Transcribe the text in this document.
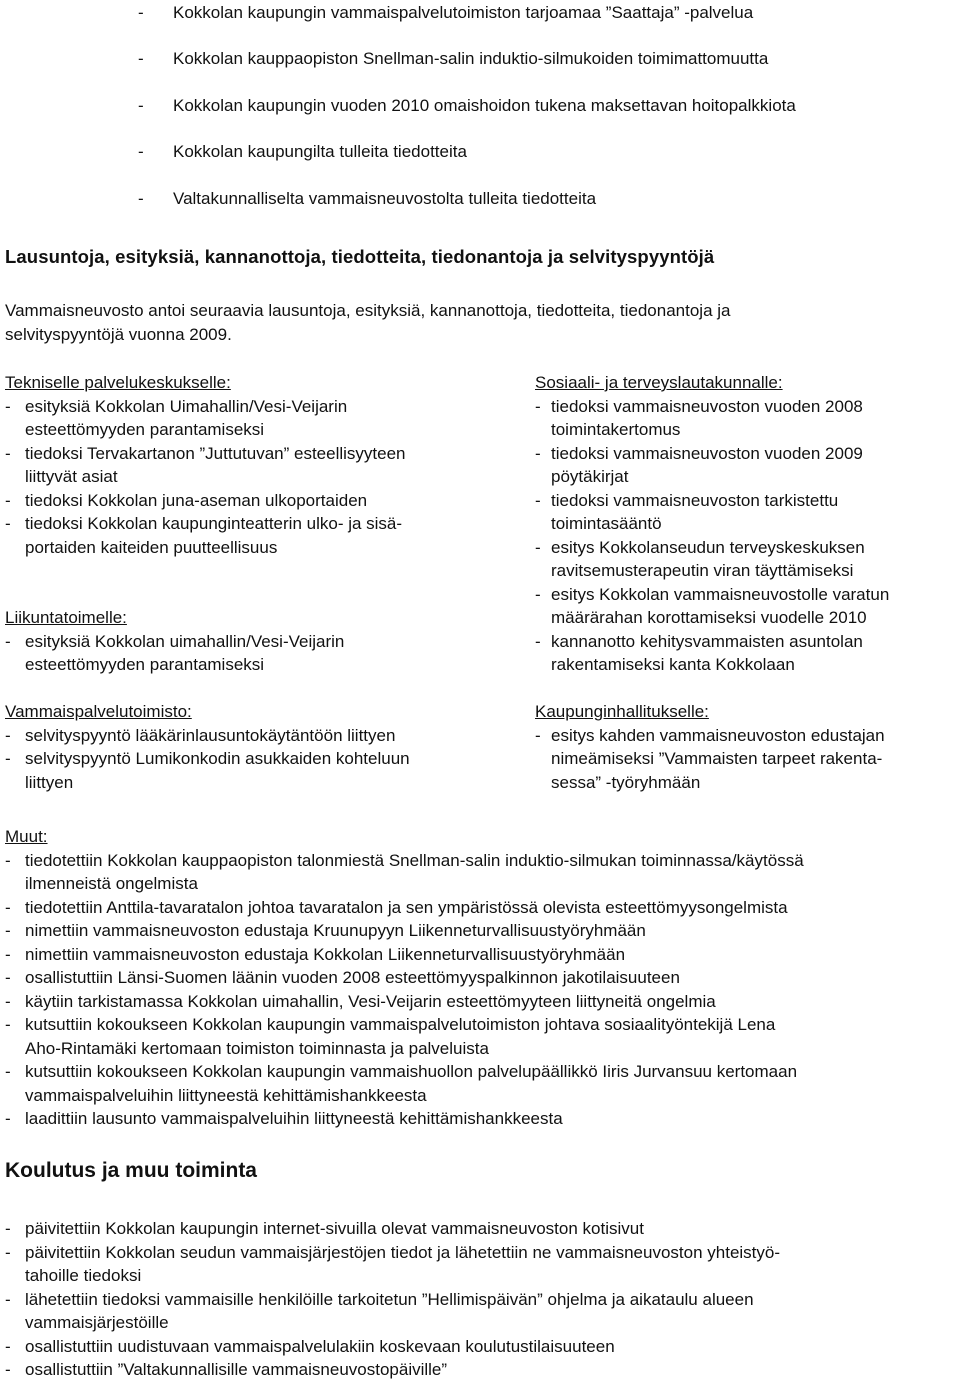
- Kokkolan kaupungin vammaispalvelutoimiston tarjoamaa ”Saattaja” -palvelua
- Kokkolan kauppaopiston Snellman-salin induktio-silmukoiden toimimattomuutta
- Kokkolan kaupungin vuoden 2010 omaishoidon tukena maksettavan hoitopalkkiota
- Kokkolan kaupungilta tulleita tiedotteita
- Valtakunnalliselta vammaisneuvostolta tulleita tiedotteita
Lausuntoja, esityksiä, kannanottoja, tiedotteita, tiedonantoja ja selvityspyyntöjä
Vammaisneuvosto antoi seuraavia lausuntoja, esityksiä, kannanottoja, tiedotteita, tiedonantoja ja
selvityspyyntöjä vuonna 2009.
Tekniselle palvelukeskukselle:
- esityksiä Kokkolan Uimahallin/Vesi-Veijarin
esteettömyyden parantamiseksi
- tiedoksi Tervakartanon ”Juttutuvan” esteellisyyteen
liittyvät asiat
- tiedoksi Kokkolan juna-aseman ulkoportaiden
- tiedoksi Kokkolan kaupunginteatterin ulko- ja sisä-
portaiden kaiteiden puutteellisuus
Liikuntatoimelle:
- esityksiä Kokkolan uimahallin/Vesi-Veijarin
esteettömyyden parantamiseksi
Vammaispalvelutoimisto:
- selvityspyyntö lääkärinlausuntokäytäntöön liittyen
- selvityspyyntö Lumikonkodin asukkaiden kohteluun
liittyen
Sosiaali- ja terveyslautakunnalle:
- tiedoksi vammaisneuvoston vuoden 2008
toimintakertomus
- tiedoksi vammaisneuvoston vuoden 2009
pöytäkirjat
- tiedoksi vammaisneuvoston tarkistettu
toimintasääntö
- esitys Kokkolanseudun terveyskeskuksen
ravitsemusterapeutin viran täyttämiseksi
- esitys Kokkolan vammaisneuvostolle varatun
määrärahan korottamiseksi vuodelle 2010
- kannanotto kehitysvammaisten asuntolan
rakentamiseksi kanta Kokkolaan
Kaupunginhallitukselle:
- esitys kahden vammaisneuvoston edustajan
nimeämiseksi ”Vammaisten tarpeet rakenta-
sessa” -työryhmään
Muut:
- tiedotettiin Kokkolan kauppaopiston talonmiestä Snellman-salin induktio-silmukan toiminnassa/käytössä
ilmenneistä ongelmista
- tiedotettiin Anttila-tavaratalon johtoa tavaratalon ja sen ympäristössä olevista esteettömyysongelmista
- nimettiin vammaisneuvoston edustaja Kruunupyyn Liikenneturvallisuustyöryhmään
- nimettiin vammaisneuvoston edustaja Kokkolan Liikenneturvallisuustyöryhmään
- osallistuttiin Länsi-Suomen läänin vuoden 2008 esteettömyyspalkinnon jakotilaisuuteen
- käytiin tarkistamassa Kokkolan uimahallin, Vesi-Veijarin esteettömyyteen liittyneitä ongelmia
- kutsuttiin kokoukseen Kokkolan kaupungin vammaispalvelutoimiston johtava sosiaalityöntekijä Lena
Aho-Rintamäki kertomaan toimiston toiminnasta ja palveluista
- kutsuttiin kokoukseen Kokkolan kaupungin vammaishuollon palvelupäällikkö Iiris Jurvansuu kertomaan
vammaispalveluihin liittyneestä kehittämishankkeesta
- laadittiin lausunto vammaispalveluihin liittyneestä kehittämishankkeesta
Koulutus ja muu toiminta
- päivitettiin Kokkolan kaupungin internet-sivuilla olevat vammaisneuvoston kotisivut
- päivitettiin Kokkolan seudun vammaisjärjestöjen tiedot ja lähetettiin ne vammaisneuvoston yhteistyö-
tahoille tiedoksi
- lähetettiin tiedoksi vammaisille henkilöille tarkoitetun ”Hellimispäivän” ohjelma ja aikataulu alueen
vammaisjärjestöille
- osallistuttiin uudistuvaan vammaispalvelulakiin koskevaan koulutustilaisuuteen
- osallistuttiin ”Valtakunnallisille vammaisneuvostopäiville”
